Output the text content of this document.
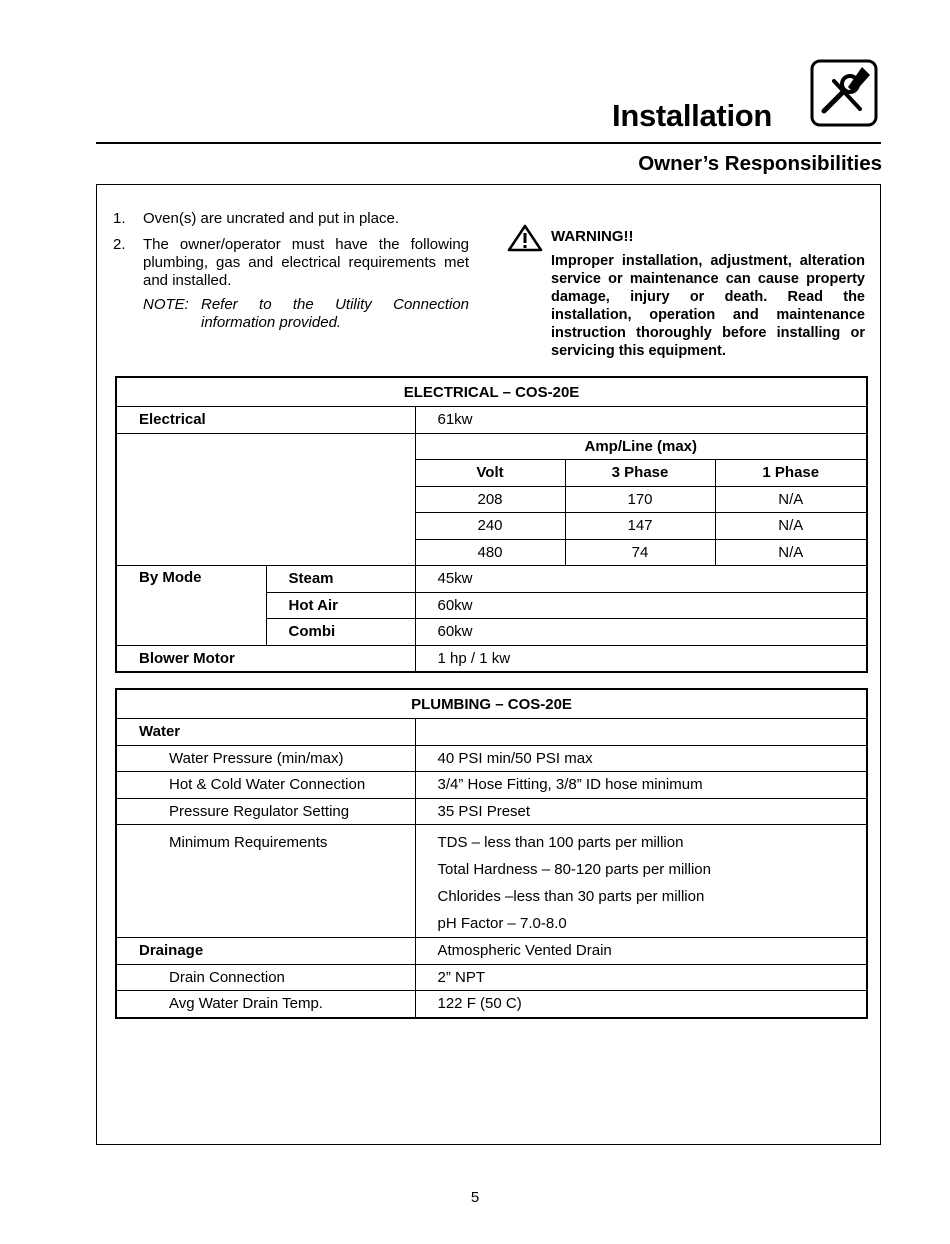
Installation
Owner’s Responsibilities
1.	Oven(s) are uncrated and put in place.
2.	The owner/operator must have the following plumbing, gas and electrical requirements met and installed.
NOTE: Refer to the Utility Connection information provided.
WARNING!!
Improper installation, adjustment, alteration service or maintenance can cause property damage, injury or death. Read the installation, operation and maintenance instruction thoroughly before installing or servicing this equipment.
ELECTRICAL – COS-20E				
Electrical		61kw		
		Amp/Line (max)		
		Volt	3 Phase	1 Phase
		208	170	N/A
		240	147	N/A
		480	74	N/A
By Mode	Steam	45kw		
	Hot Air	60kw		
	Combi	60kw		
Blower Motor		1 hp / 1 kw		
PLUMBING – COS-20E	
Water	
Water Pressure (min/max)	40 PSI min/50 PSI max
Hot & Cold Water Connection	3/4” Hose Fitting, 3/8” ID hose minimum
Pressure Regulator Setting	35 PSI Preset
Minimum Requirements	TDS – less than 100 parts per million
Total Hardness – 80-120 parts per million
Chlorides –less than 30 parts per million
pH Factor – 7.0-8.0

Drainage	Atmospheric Vented Drain
Drain Connection	2” NPT
Avg Water Drain Temp.	122 F (50 C)
5
